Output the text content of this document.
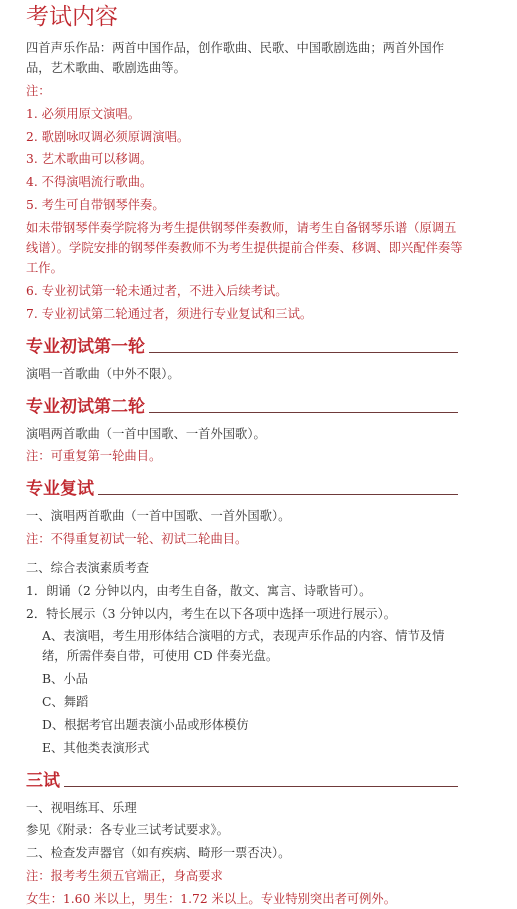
考试内容
四首声乐作品：两首中国作品，创作歌曲、民歌、中国歌剧选曲；两首外国作品，艺术歌曲、歌剧选曲等。
注：
1. 必须用原文演唱。
2. 歌剧咏叹调必须原调演唱。
3. 艺术歌曲可以移调。
4. 不得演唱流行歌曲。
5. 考生可自带钢琴伴奏。
如未带钢琴伴奏学院将为考生提供钢琴伴奏教师，请考生自备钢琴乐谱（原调五线谱）。学院安排的钢琴伴奏教师不为考生提供提前合伴奏、移调、即兴配伴奏等工作。
6. 专业初试第一轮未通过者，不进入后续考试。
7. 专业初试第二轮通过者，须进行专业复试和三试。
专业初试第一轮
演唱一首歌曲（中外不限）。
专业初试第二轮
演唱两首歌曲（一首中国歌、一首外国歌）。
注：可重复第一轮曲目。
专业复试
一、演唱两首歌曲（一首中国歌、一首外国歌）。
注：不得重复初试一轮、初试二轮曲目。
二、综合表演素质考查
1．朗诵（2 分钟以内，由考生自备，散文、寓言、诗歌皆可）。
2．特长展示（3 分钟以内，考生在以下各项中选择一项进行展示）。
A、表演唱，考生用形体结合演唱的方式，表现声乐作品的内容、情节及情绪，所需伴奏自带，可使用 CD 伴奏光盘。
B、小品
C、舞蹈
D、根据考官出题表演小品或形体模仿
E、其他类表演形式
三试
一、视唱练耳、乐理
参见《附录：各专业三试考试要求》。
二、检查发声器官（如有疾病、畸形一票否决）。
注：报考考生须五官端正，身高要求
女生：1.60 米以上，男生：1.72 米以上。专业特别突出者可例外。
